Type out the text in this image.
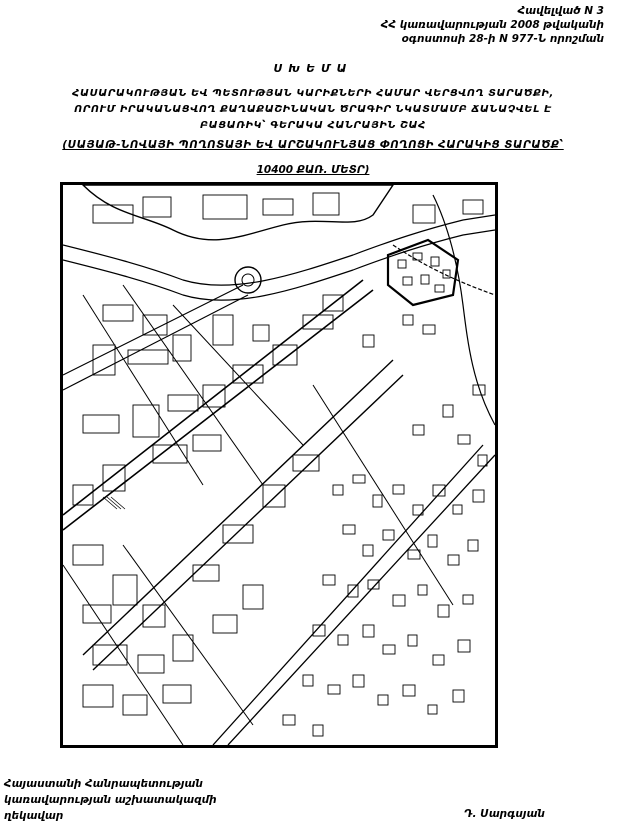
Հավելված N 3
ՀՀ կառավարության 2008 թվականի
օգոստոսի 28-ի N 977-Ն որոշման
ՍԽԵՄԱ
ՀԱՍԱՐԱԿՈՒԹՅԱՆ ԵՎ ՊԵՏՈՒԹՅԱՆ ԿԱՐԻՔՆԵՐԻ ՀԱՄԱՐ ՎԵՐՑՎՈՂ ՏԱՐԱԾՔԻ,
ՈՐՈՒՄ ԻՐԱԿԱՆԱՑՎՈՂ ՔԱՂԱՔԱՇԻՆԱԿԱՆ ԾՐԱԳԻՐ ՆԿԱՏՄԱՄԲ ՃԱՆԱՉՎԵԼ Է
ԲԱՑԱՌԻԿ՝ ԳԵՐԱԿԱ ՀԱՆՐԱՅԻՆ ՇԱՀ
(ՍԱՅԱԹ-ՆՈՎԱՅԻ ՊՈՂՈՏԱՅԻ ԵՎ ԱՐՇԱԿՈՒՆՅԱՑ ՓՈՂՈՑԻ ՀԱՐԱԿԻՑ ՏԱՐԱԾՔ՝
10400 ՔԱՌ. ՄԵՏՐ)
Հայաստանի Հանրապետության
կառավարության աշխատակազմի
ղեկավար	Դ. Սարգսյան
